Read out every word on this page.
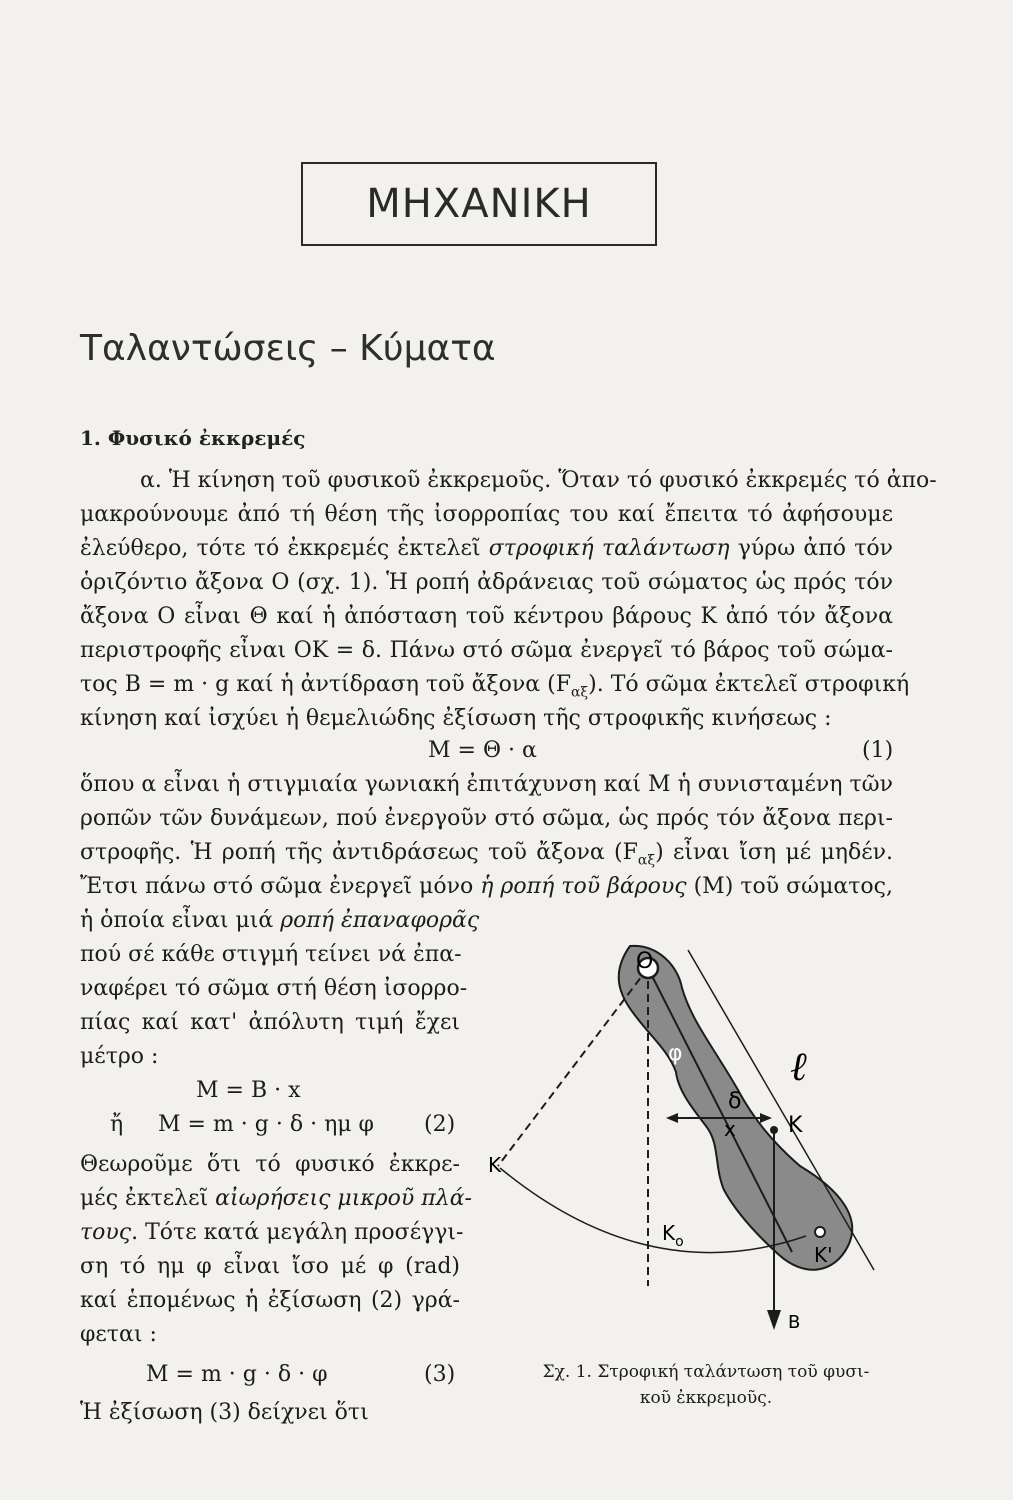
ΜΗΧΑΝΙΚΗ
Ταλαντώσεις – Κύματα
1. Φυσικό ἐκκρεμές
α. Ἡ κίνηση τοῦ φυσικοῦ ἐκκρεμοῦς. Ὅταν τό φυσικό ἐκκρεμές τό ἀπο-
μακρούνουμε ἀπό τή θέση τῆς ἰσορροπίας του καί ἔπειτα τό ἀφήσουμε
ἐλεύθερο, τότε τό ἐκκρεμές ἐκτελεῖ στροφική ταλάντωση γύρω ἀπό τόν
ὁριζόντιο ἄξονα Ο (σχ. 1). Ἡ ροπή ἀδράνειας τοῦ σώματος ὡς πρός τόν
ἄξονα Ο εἶναι Θ καί ἡ ἀπόσταση τοῦ κέντρου βάρους Κ ἀπό τόν ἄξονα
περιστροφῆς εἶναι ΟΚ = δ. Πάνω στό σῶμα ἐνεργεῖ τό βάρος τοῦ σώμα-
τος Β = m · g καί ἡ ἀντίδραση τοῦ ἄξονα $(F_{\alpha\xi})$. Τό σῶμα ἐκτελεῖ στροφική
κίνηση καί ἰσχύει ἡ θεμελιώδης ἐξίσωση τῆς στροφικῆς κινήσεως :
M = Θ · α	(1)
ὅπου α εἶναι ἡ στιγμιαία γωνιακή ἐπιτάχυνση καί Μ ἡ συνισταμένη τῶν
ροπῶν τῶν δυνάμεων, πού ἐνεργοῦν στό σῶμα, ὡς πρός τόν ἄξονα περι-
στροφῆς. Ἡ ροπή τῆς ἀντιδράσεως τοῦ ἄξονα $(F_{\alpha\xi})$ εἶναι ἴση μέ μηδέν.
Ἔτσι πάνω στό σῶμα ἐνεργεῖ μόνο ἡ ροπή τοῦ βάρους (Μ) τοῦ σώματος,
ἡ ὁποία εἶναι μιά ροπή ἐπαναφορᾶς
πού σέ κάθε στιγμή τείνει νά ἐπα-
ναφέρει τό σῶμα στή θέση ἰσορρο-
πίας καί κατ' ἀπόλυτη τιμή ἔχει
μέτρο :
M = B · x
ἤ M = m · g · δ · ημ φ (2)
Θεωροῦμε ὅτι τό φυσικό ἐκκρε-
μές ἐκτελεῖ αἰωρήσεις μικροῦ πλά-
τους. Τότε κατά μεγάλη προσέγγι-
ση τό ημ φ εἶναι ἴσο μέ φ (rad)
καί ἑπομένως ἡ ἐξίσωση (2) γρά-
φεται :
M = m · g · δ · φ	(3)
Ἡ ἐξίσωση (3) δείχνει ὅτι
O
φ	ℓ
δ
K
x K
$K_o$
K'
B
Σχ. 1. Στροφική ταλάντωση τοῦ φυσι-
κοῦ ἐκκρεμοῦς.
